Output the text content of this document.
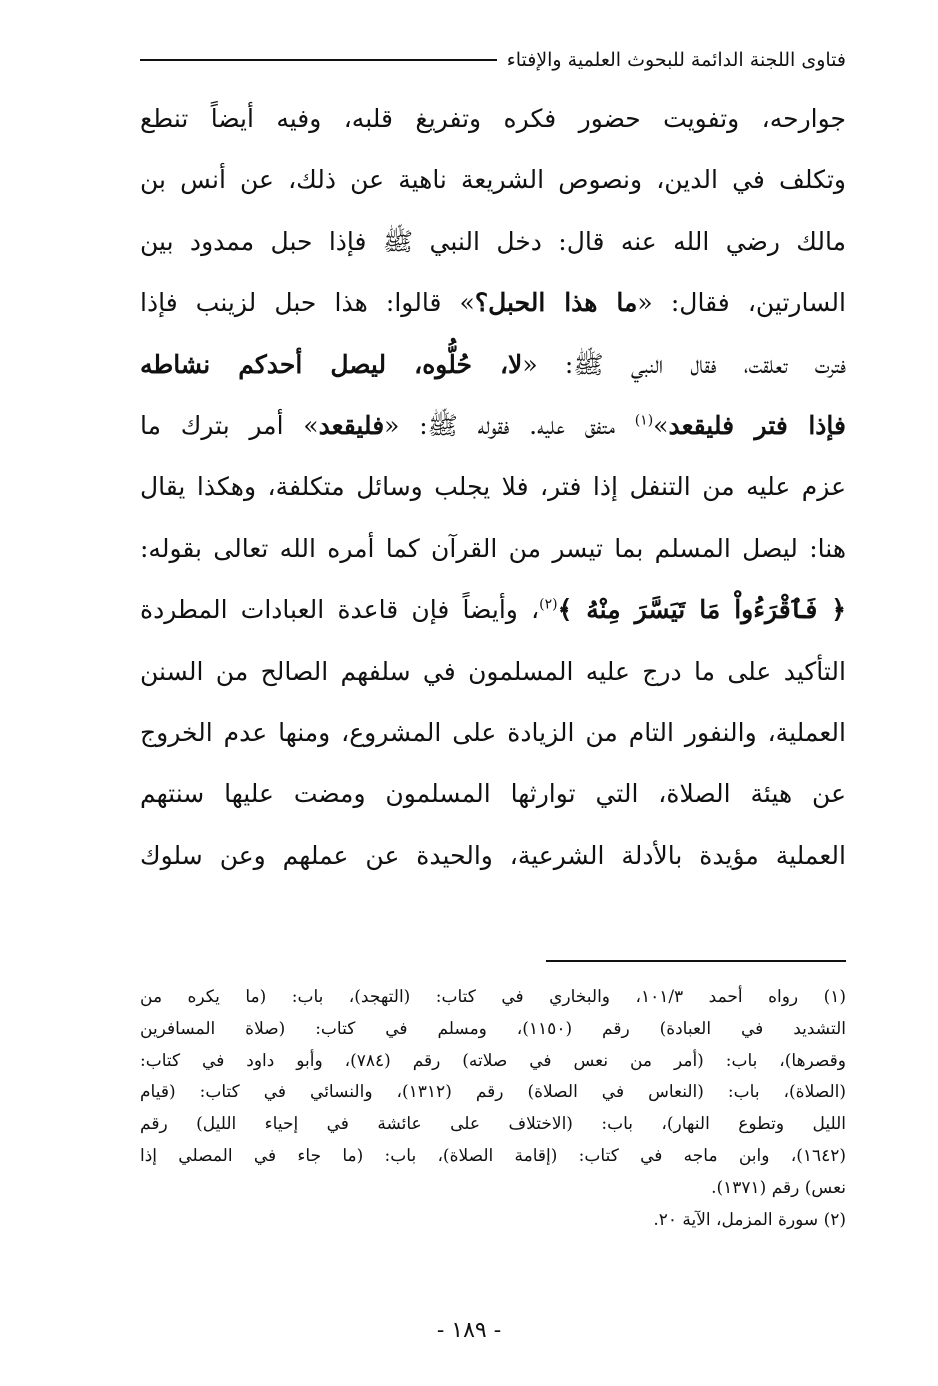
فتاوى اللجنة الدائمة للبحوث العلمية والإفتاء
جوارحه، وتفويت حضور فكره وتفريغ قلبه، وفيه أيضاً تنطع
وتكلف في الدين، ونصوص الشريعة ناهية عن ذلك، عن أنس بن
مالك رضي الله عنه قال: دخل النبي ﷺ فإذا حبل ممدود بين
السارتين، فقال: «ما هذا الحبل؟» قالوا: هذا حبل لزينب فإذا
فترت تعلقت، فقال النبي ﷺ: «لا، حُلُّوه، ليصل أحدكم نشاطه
فإذا فتر فليقعد»$^{(١)}$ متفق عليه. فقوله ﷺ: «فليقعد» أمر بترك ما
عزم عليه من التنفل إذا فتر، فلا يجلب وسائل متكلفة، وهكذا يقال
هنا: ليصل المسلم بما تيسر من القرآن كما أمره الله تعالى بقوله:
﴿ فَٱقْرَءُواْ مَا تَيَسَّرَ مِنْهُ ﴾$^{(٢)}$، وأيضاً فإن قاعدة العبادات المطردة
التأكيد على ما درج عليه المسلمون في سلفهم الصالح من السنن
العملية، والنفور التام من الزيادة على المشروع، ومنها عدم الخروج
عن هيئة الصلاة، التي توارثها المسلمون ومضت عليها سنتهم
العملية مؤيدة بالأدلة الشرعية، والحيدة عن عملهم وعن سلوك
(١) رواه أحمد ١٠١/٣، والبخاري في كتاب: (التهجد)، باب: (ما يكره من
التشديد في العبادة) رقم (١١٥٠)، ومسلم في كتاب: (صلاة المسافرين
وقصرها)، باب: (أمر من نعس في صلاته) رقم (٧٨٤)، وأبو داود في كتاب:
(الصلاة)، باب: (النعاس في الصلاة) رقم (١٣١٢)، والنسائي في كتاب: (قيام
الليل وتطوع النهار)، باب: (الاختلاف على عائشة في إحياء الليل) رقم
(١٦٤٢)، وابن ماجه في كتاب: (إقامة الصلاة)، باب: (ما جاء في المصلي إذا
نعس) رقم (١٣٧١).
(٢) سورة المزمل، الآية ٢٠.
- ١٨٩ -
